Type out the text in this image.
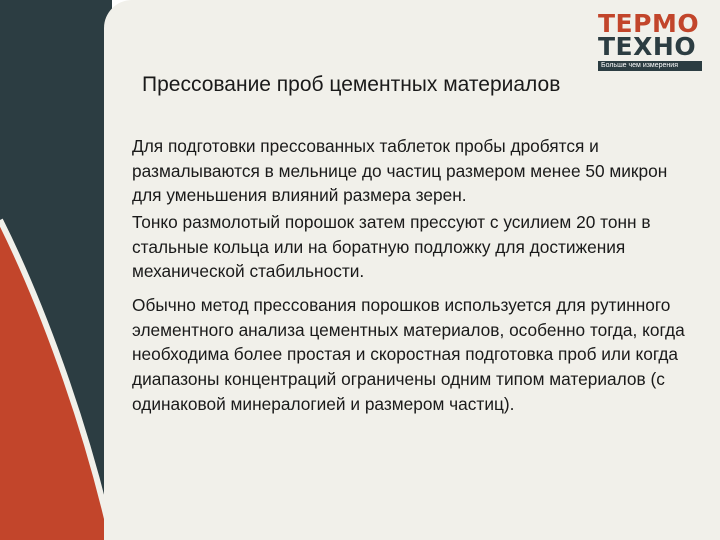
ТЕРМО
ТЕХНО
Больше чем измерения
Прессование проб цементных материалов

Для подготовки прессованных таблеток пробы дробятся и размалываются в мельнице до частиц размером менее 50 микрон для уменьшения влияний размера зерен.

Тонко размолотый порошок затем прессуют с усилием 20 тонн в стальные кольца или на боратную подложку для достижения механической стабильности.

Обычно метод прессования порошков используется для рутинного элементного анализа цементных материалов, особенно тогда, когда необходима более простая и скоростная подготовка проб или когда диапазоны концентраций ограничены одним типом материалов (с одинаковой минералогией и размером частиц).
